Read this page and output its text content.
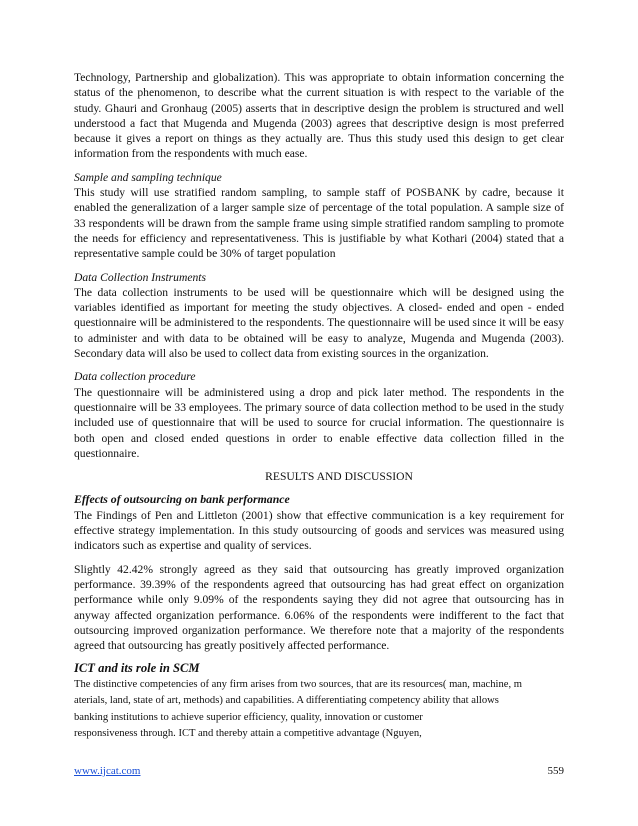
Technology, Partnership and globalization). This was appropriate to obtain information concerning the status of the phenomenon, to describe what the current situation is with respect to the variable of the study. Ghauri and Gronhaug (2005) asserts that in descriptive design the problem is structured and well understood a fact that Mugenda and Mugenda (2003) agrees that descriptive design is most preferred because it gives a report on things as they actually are. Thus this study used this design to get clear information from the respondents with much ease.

Sample and sampling technique

This study will use stratified random sampling, to sample staff of POSBANK by cadre, because it enabled the generalization of a larger sample size of percentage of the total population. A sample size of 33 respondents will be drawn from the sample frame using simple stratified random sampling to promote the needs for efficiency and representativeness. This is justifiable by what Kothari (2004) stated that a representative sample could be 30% of target population

Data Collection Instruments

The data collection instruments to be used will be questionnaire which will be designed using the variables identified as important for meeting the study objectives. A closed- ended and open - ended questionnaire will be administered to the respondents. The questionnaire will be used since it will be easy to administer and with data to be obtained will be easy to analyze, Mugenda and Mugenda (2003). Secondary data will also be used to collect data from existing sources in the organization.

Data collection procedure

The questionnaire will be administered using a drop and pick later method. The respondents in the questionnaire will be 33 employees. The primary source of data collection method to be used in the study included use of questionnaire that will be used to source for crucial information. The questionnaire is both open and closed ended questions in order to enable effective data collection filled in the questionnaire.

RESULTS AND DISCUSSION
Effects of outsourcing on bank performance

The Findings of Pen and Littleton (2001) show that effective communication is a key requirement for effective strategy implementation. In this study outsourcing of goods and services was measured using indicators such as expertise and quality of services.

Slightly 42.42% strongly agreed as they said that outsourcing has greatly improved organization performance. 39.39% of the respondents agreed that outsourcing has had great effect on organization performance while only 9.09% of the respondents saying they did not agree that outsourcing has in anyway affected organization performance. 6.06% of the respondents were indifferent to the fact that outsourcing improved organization performance. We therefore note that a majority of the respondents agreed that outsourcing has greatly positively affected performance.

ICT and its role in SCM

The distinctive competencies of any firm arises from two sources, that are its resources( man, machine, m

aterials, land, state of art, methods) and capabilities. A differentiating competency ability that allows

banking institutions to achieve superior efficiency, quality, innovation or customer

responsiveness through. ICT and thereby attain a competitive advantage (Nguyen,

www.ijcat.com	559
